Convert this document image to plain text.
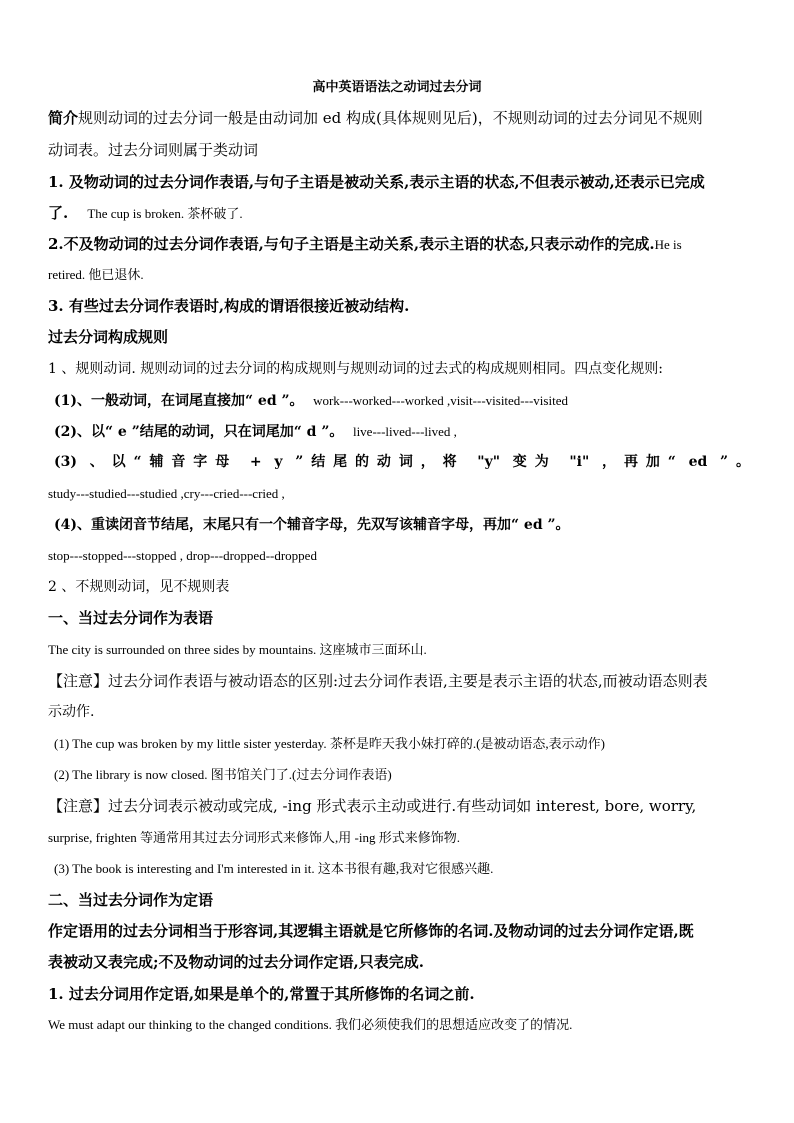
高中英语语法之动词过去分词
简介规则动词的过去分词一般是由动词加 ed 构成(具体规则见后)，不规则动词的过去分词见不规则
动词表。过去分词则属于类动词
1. 及物动词的过去分词作表语,与句子主语是被动关系,表示主语的状态,不但表示被动,还表示已完成
了. The cup is broken. 茶杯破了.
2.不及物动词的过去分词作表语,与句子主语是主动关系,表示主语的状态,只表示动作的完成.He is
retired. 他已退休.
3. 有些过去分词作表语时,构成的谓语很接近被动结构.
过去分词构成规则
1 、规则动词. 规则动词的过去分词的构成规则与规则动词的过去式的构成规则相同。四点变化规则:
(1)、一般动词，在词尾直接加“ ed ”。 work---worked---worked ,visit---visited---visited
(2)、以“ e ”结尾的动词，只在词尾加“ d ”。 live---lived---lived ,
(3) 、以“辅音字母 + y ”结尾的动词，将 "y" 变为 "i" ，再加“ ed ”。
study---studied---studied ,cry---cried---cried ,
(4)、重读闭音节结尾，末尾只有一个辅音字母，先双写该辅音字母，再加“ ed ”。
stop---stopped---stopped , drop---dropped--dropped
2 、不规则动词，见不规则表
一、当过去分词作为表语
The city is surrounded on three sides by mountains. 这座城市三面环山.
【注意】过去分词作表语与被动语态的区别:过去分词作表语,主要是表示主语的状态,而被动语态则表
示动作.
(1) The cup was broken by my little sister yesterday. 茶杯是昨天我小妹打碎的.(是被动语态,表示动作)
(2) The library is now closed. 图书馆关门了.(过去分词作表语)
【注意】过去分词表示被动或完成, -ing 形式表示主动或进行.有些动词如 interest, bore, worry,
surprise, frighten 等通常用其过去分词形式来修饰人,用 -ing 形式来修饰物.
(3) The book is interesting and I'm interested in it. 这本书很有趣,我对它很感兴趣.
二、当过去分词作为定语
作定语用的过去分词相当于形容词,其逻辑主语就是它所修饰的名词.及物动词的过去分词作定语,既
表被动又表完成;不及物动词的过去分词作定语,只表完成.
1. 过去分词用作定语,如果是单个的,常置于其所修饰的名词之前.
We must adapt our thinking to the changed conditions. 我们必须使我们的思想适应改变了的情况.
